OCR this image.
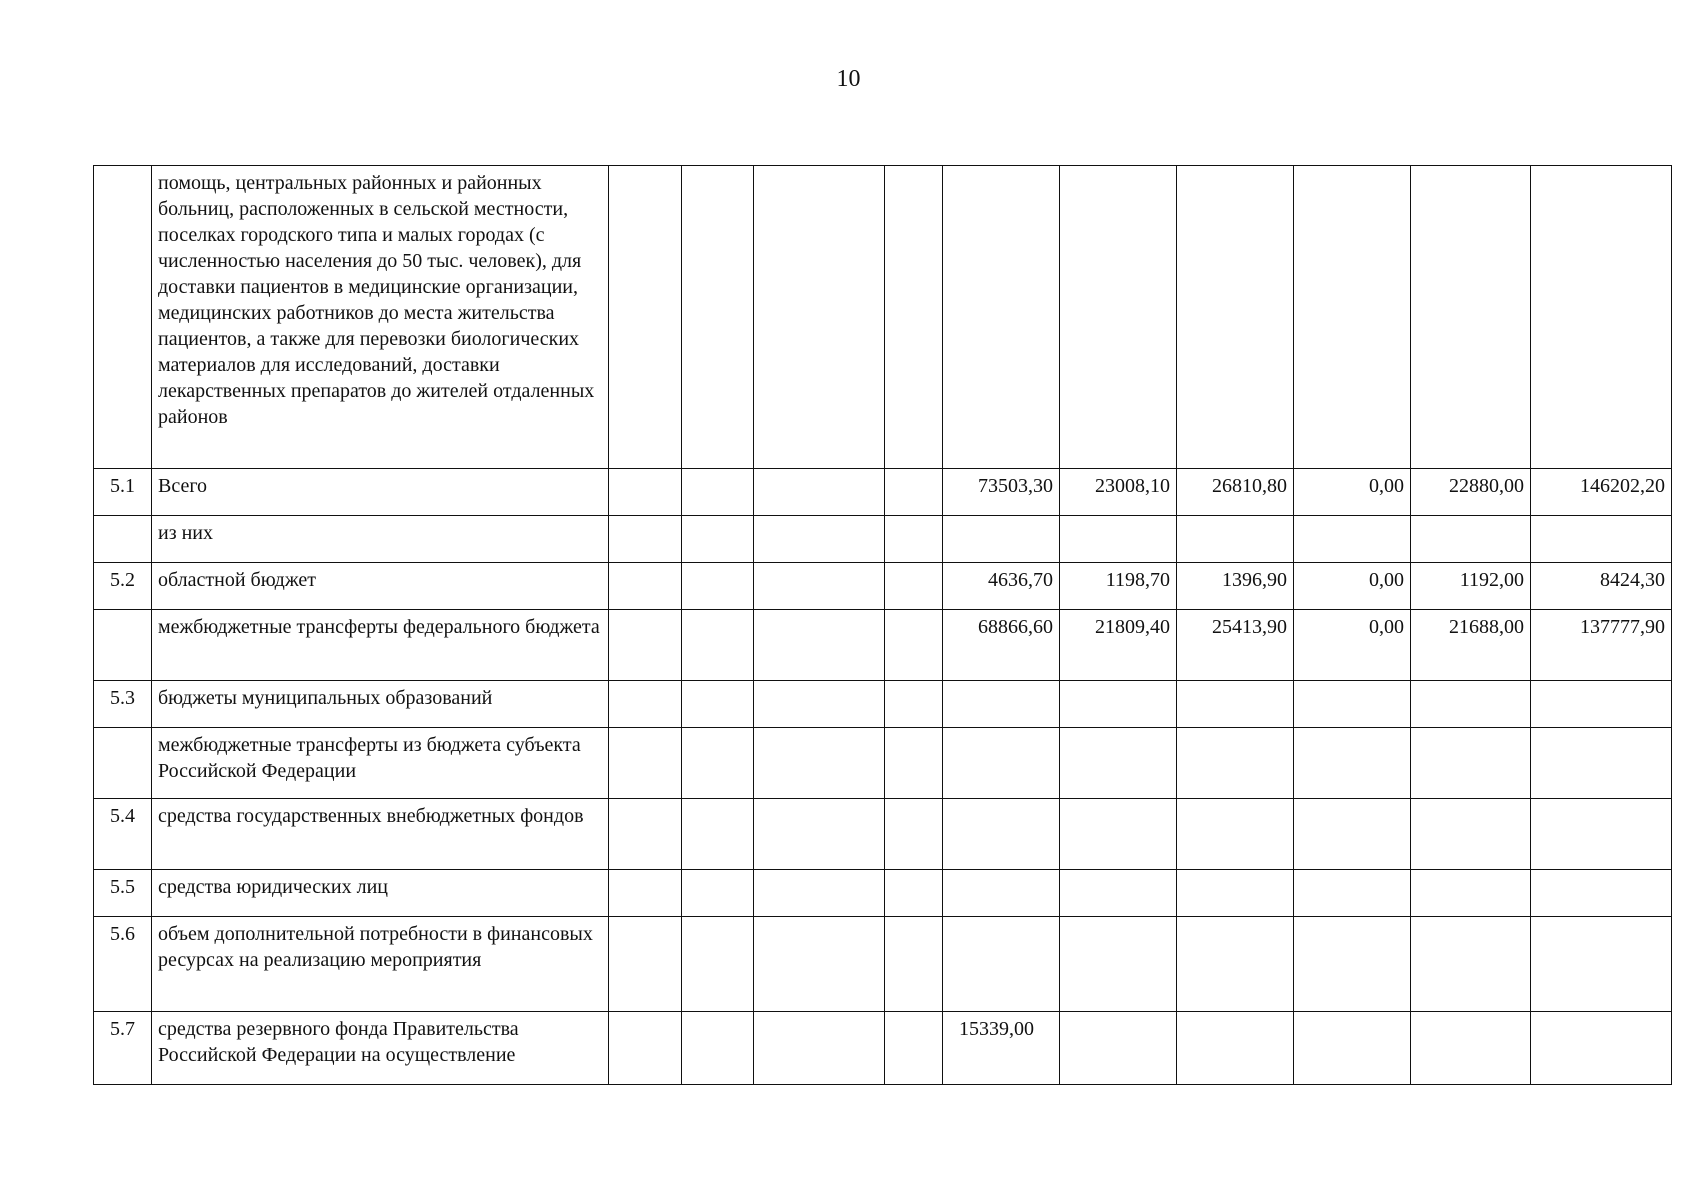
10
	помощь, центральных районных и районных больниц, расположенных в сельской местности, поселках городского типа и малых городах (с численностью населения до 50 тыс. человек), для доставки пациентов в медицинские организации, медицинских работников до места жительства пациентов, а также для перевозки биологических материалов для исследований, доставки лекарственных препаратов до жителей отдаленных районов										
5.1	Всего					73503,30	23008,10	26810,80	0,00	22880,00	146202,20
	из них										
5.2	областной бюджет					4636,70	1198,70	1396,90	0,00	1192,00	8424,30
	межбюджетные трансферты федерального бюджета					68866,60	21809,40	25413,90	0,00	21688,00	137777,90
5.3	бюджеты муниципальных образований										
	межбюджетные трансферты из бюджета субъекта Российской Федерации										
5.4	средства государственных внебюджетных фондов										
5.5	средства юридических лиц										
5.6	объем дополнительной потребности в финансовых ресурсах на реализацию мероприятия										
5.7	средства резервного фонда Правительства Российской Федерации на осуществление					15339,00					
